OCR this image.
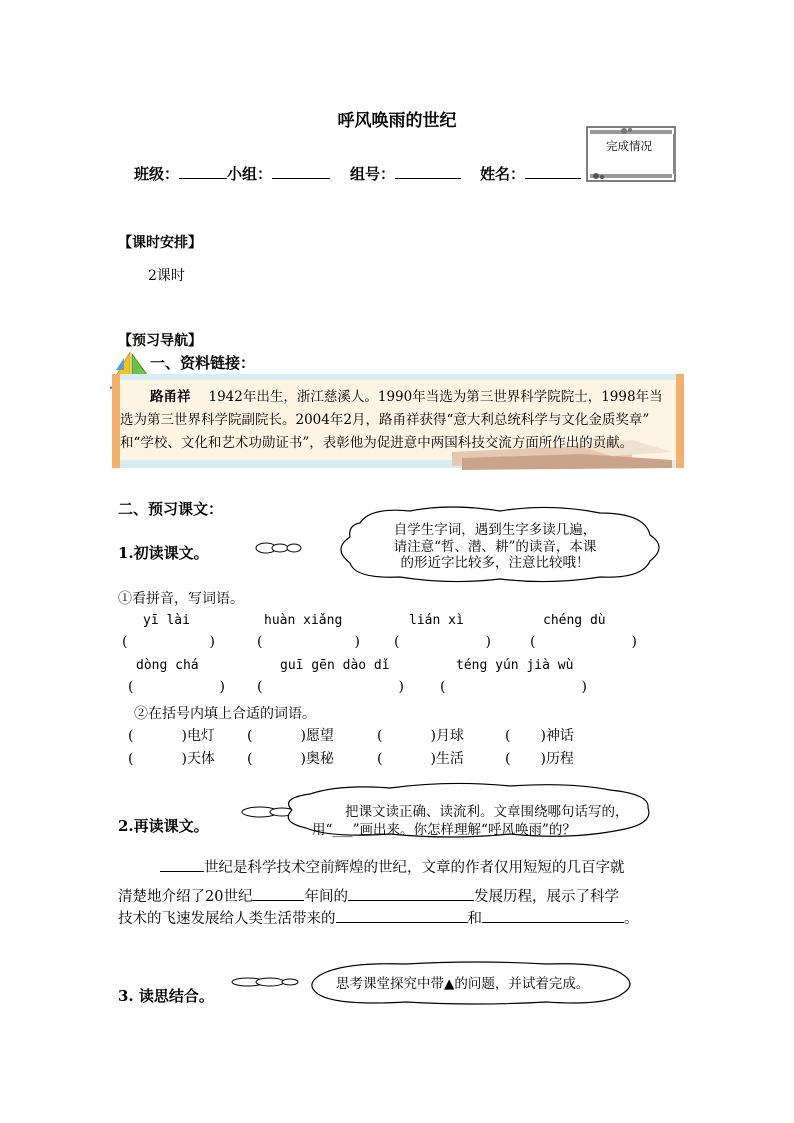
呼风唤雨的世纪
完成情况
班级：	小组：	组号：	姓名：
【课时安排】
2课时
【预习导航】
一、资料链接：
路甬祥 1942年出生，浙江慈溪人。1990年当选为第三世界科学院院士，1998年当
选为第三世界科学院副院长。2004年2月，路甬祥获得“意大利总统科学与文化金质奖章”
和“学校、文化和艺术功勋证书”，表彰他为促进意中两国科技交流方面所作出的贡献。
二、预习课文：
1.初读课文。
自学生字词，遇到生字多读几遍，
请注意“哲、潜、耕”的读音，本课
的形近字比较多，注意比较哦！
①看拼音，写词语。
yī lài	huàn xiǎng	lián xì	chéng dù
(	)	(	) (	)	(	)
dòng chá	guī gēn dào dǐ	téng yún jià wù
(	) (	)	(	)
②在括号内填上合适的词语。
(	)电灯 (	)愿望	(	)月球	( )神话
(	)天体 (	)奥秘	(	)生活	( )历程
2.再读课文。
把课文读正确、读流利。文章围绕哪句话写的，
用“___”画出来。你怎样理解“呼风唤雨”的？
世纪是科学技术空前辉煌的世纪，文章的作者仅用短短的几百字就
清楚地介绍了20世纪	年间的	发展历程，展示了科学
技术的飞速发展给人类生活带来的	和	。
3. 读思结合。
思考课堂探究中带▲的问题，并试着完成。
